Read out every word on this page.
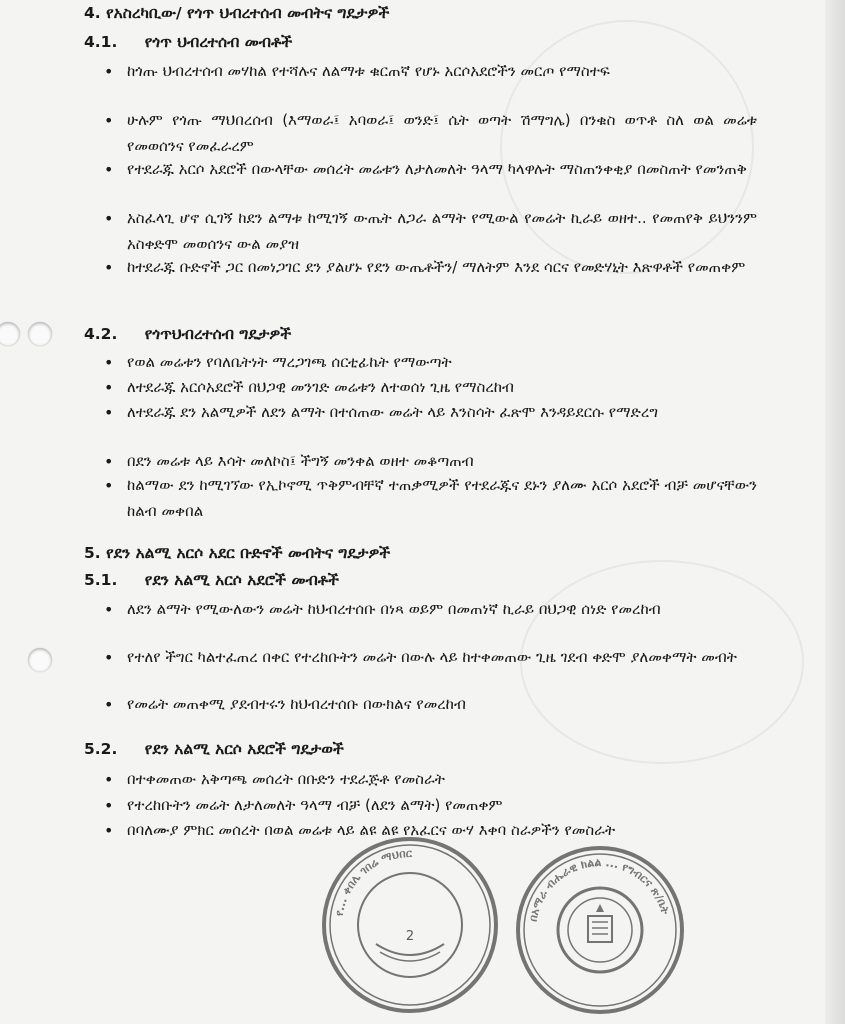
4. የአስረካቢው/ የጎጥ ህብረተሰብ መብትና ግዴታዎች
4.1. የጎጥ ህብረተሰብ መብቶች
• ከጎጡ ህብረተሰብ መሃከል የተሻሉና ለልማቱ ቁርጠኛ የሆኑ አርሶአደሮችን መርጦ የማስተፍ
• ሁሉም የጎጡ ማህበረሰብ (እማወራ፤ አባወራ፤ ወንድ፤ ሴት ወጣት ሽማግሌ) በንቁስ ወጥቶ ስለ ወል መሬቱ የመወሰንና የመፈራረም
• የተደራጁ አርሶ አደሮች በውላቸው መሰረት መሬቱን ለታለመለት ዓላማ ካላዋሉት ማስጠንቀቂያ በመስጠት የመንጠቅ
• አስፈላጊ ሆኖ ሲገኝ ከደን ልማቱ ከሚገኝ ውጤት ለጋራ ልማት የሚውል የመሬት ኪራይ ወዘተ.. የመጠየቅ ይህንንም አስቀድሞ መወሰንና ውል መያዝ
• ከተደራጁ ቡድኖች ጋር በመነጋገር ደን ያልሆኑ የደን ውጤቶችን/ ማለትም እንደ ሳርና የመድሃኒት እጽዋቶች የመጠቀም
4.2. የጎጥህብረተሰብ ግዴታዎች
• የወል መሬቱን የባለቤትነት ማረጋገጫ ሰርቲፊኬት የማውጣት
• ለተደራጁ አርሶአደሮች በህጋዊ መንገድ መሬቱን ለተወሰነ ጊዜ የማስረከብ
• ለተደራጁ ደን አልሚዎች ለደን ልማት በተሰጠው መሬት ላይ እንስሳት ፈጽሞ እንዳይደርሱ የማድረግ
• በደን መሬቱ ላይ እሳት መለኮስ፤ ችግኝ መንቀል ወዘተ መቆጣጠብ
• ከልማው ደን ከሚገኘው የኢኮኖሚ ጥቅምብቸኛ ተጠቃሚዎች የተደራጁና ደኑን ያለሙ አርሶ አደሮች ብቻ መሆናቸውን ከልብ መቀበል
5. የደን አልሚ አርሶ አደር ቡድኖች መብትና ግዴታዎች
5.1. የደን አልሚ አርሶ አደሮች መብቶች
• ለደን ልማት የሚውለውን መሬት ከህብረተሰቡ በነጻ ወይም በመጠነኛ ኪራይ በህጋዊ ሰነድ የመረከብ
• የተለየ ችግር ካልተፈጠረ በቀር የተረከቡትን መሬት በውሉ ላይ ከተቀመጠው ጊዜ ገደብ ቀድሞ ያለመቀማት መብት
• የመሬት መጠቀሚ ያደብተሩን ከህብረተሰቡ በውክልና የመረከብ
5.2. የደን አልሚ አርሶ አደሮች ግዴታወች
• በተቀመጠው አቅጣጫ መሰረት በቡድን ተደራጅቶ የመስራት
• የተረከቡትን መሬት ለታለመለት ዓላማ ብቻ (ለደን ልማት) የመጠቀም
• በባለሙያ ምክር መሰረት በወል መሬቱ ላይ ልዩ ልዩ የአፈርና ውሃ እቀባ ስራዎችን የመስራት
የ... ቀበሌ ገበሬ ማህበር
2
በአማራ ብሔራዊ ክልል ... የግብርና ጽ/ቤት
